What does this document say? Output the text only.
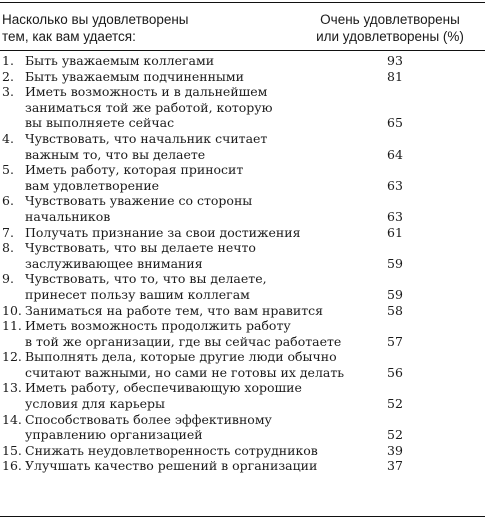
Насколько вы удовлетворены
тем, как вам удается:
Очень удовлетворены
или удовлетворены (%)
1. Быть уважаемым коллегами	93
2. Быть уважаемым подчиненными	81
3. Иметь возможность и в дальнейшем
заниматься той же работой, которую
вы выполняете сейчас	65
4. Чувствовать, что начальник считает
важным то, что вы делаете	64
5. Иметь работу, которая приносит
вам удовлетворение	63
6. Чувствовать уважение со стороны
начальников	63
7. Получать признание за свои достижения	61
8. Чувствовать, что вы делаете нечто
заслуживающее внимания	59
9. Чувствовать, что то, что вы делаете,
принесет пользу вашим коллегам	59
10. Заниматься на работе тем, что вам нравится	58
11. Иметь возможность продолжить работу
в той же организации, где вы сейчас работаете	57
12. Выполнять дела, которые другие люди обычно
считают важными, но сами не готовы их делать	56
13. Иметь работу, обеспечивающую хорошие
условия для карьеры	52
14. Способствовать более эффективному
управлению организацией	52
15. Снижать неудовлетворенность сотрудников	39
16. Улучшать качество решений в организации	37
